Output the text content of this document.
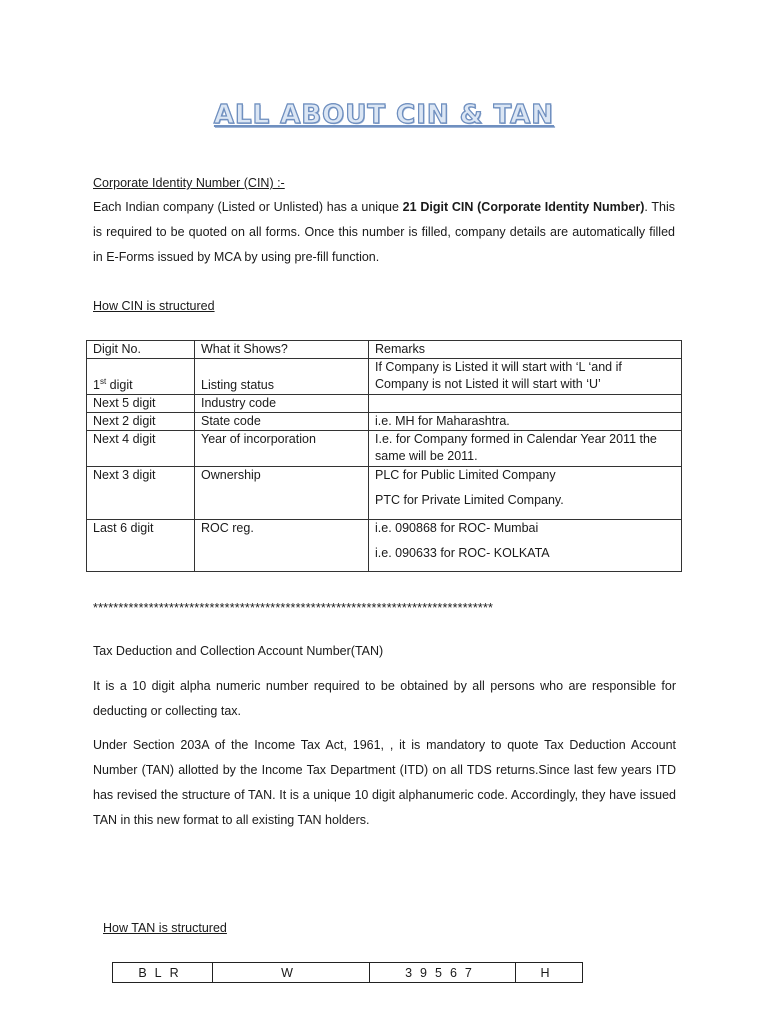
ALL ABOUT CIN & TAN
Corporate Identity Number (CIN) :-
Each Indian company (Listed or Unlisted) has a unique 21 Digit CIN (Corporate Identity Number). This is required to be quoted on all forms. Once this number is filled, company details are automatically filled in E-Forms issued by MCA by using pre-fill function.
How CIN is structured
Digit No.	What it Shows?	Remarks
1st digit	Listing status	If Company is Listed it will start with ‘L ‘and if Company is not Listed it will start with ‘U’
Next 5 digit	Industry code	
Next 2 digit	State code	i.e. MH for Maharashtra.
Next 4 digit	Year of incorporation	I.e. for Company formed in Calendar Year 2011 the same will be 2011.
Next 3 digit	Ownership	PLC for Public Limited Company
PTC for Private Limited Company.

Last 6 digit	ROC reg.	i.e. 090868 for ROC- Mumbai
i.e. 090633 for ROC- KOLKATA
*******************************************************************************
Tax Deduction and Collection Account Number(TAN)
It is a 10 digit alpha numeric number required to be obtained by all persons who are responsible for deducting or collecting tax.
Under Section 203A of the Income Tax Act, 1961, , it is mandatory to quote Tax Deduction Account Number (TAN) allotted by the Income Tax Department (ITD) on all TDS returns.Since last few years ITD has revised the structure of TAN. It is a unique 10 digit alphanumeric code. Accordingly, they have issued TAN in this new format to all existing TAN holders.
How TAN is structured
BLR	W	39567	H
